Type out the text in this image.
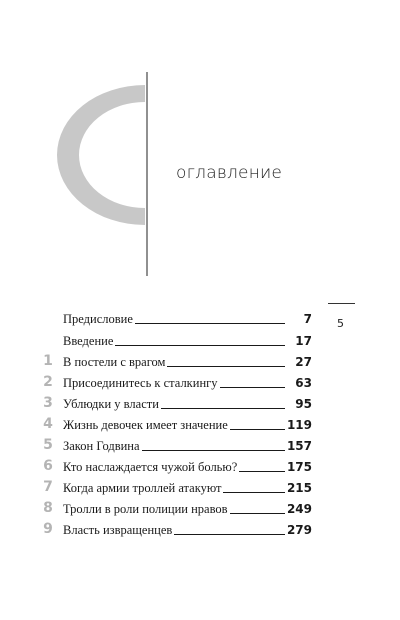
оглавление
5
Предисловие	7
Введение	17
1 В постели с врагом	27
2 Присоединитесь к сталкингу	63
3 Ублюдки у власти	95
4 Жизнь девочек имеет значение	119
5 Закон Годвина	157
6 Кто наслаждается чужой болью?	175
7 Когда армии троллей атакуют	215
8 Тролли в роли полиции нравов	249
9 Власть извращенцев	279
